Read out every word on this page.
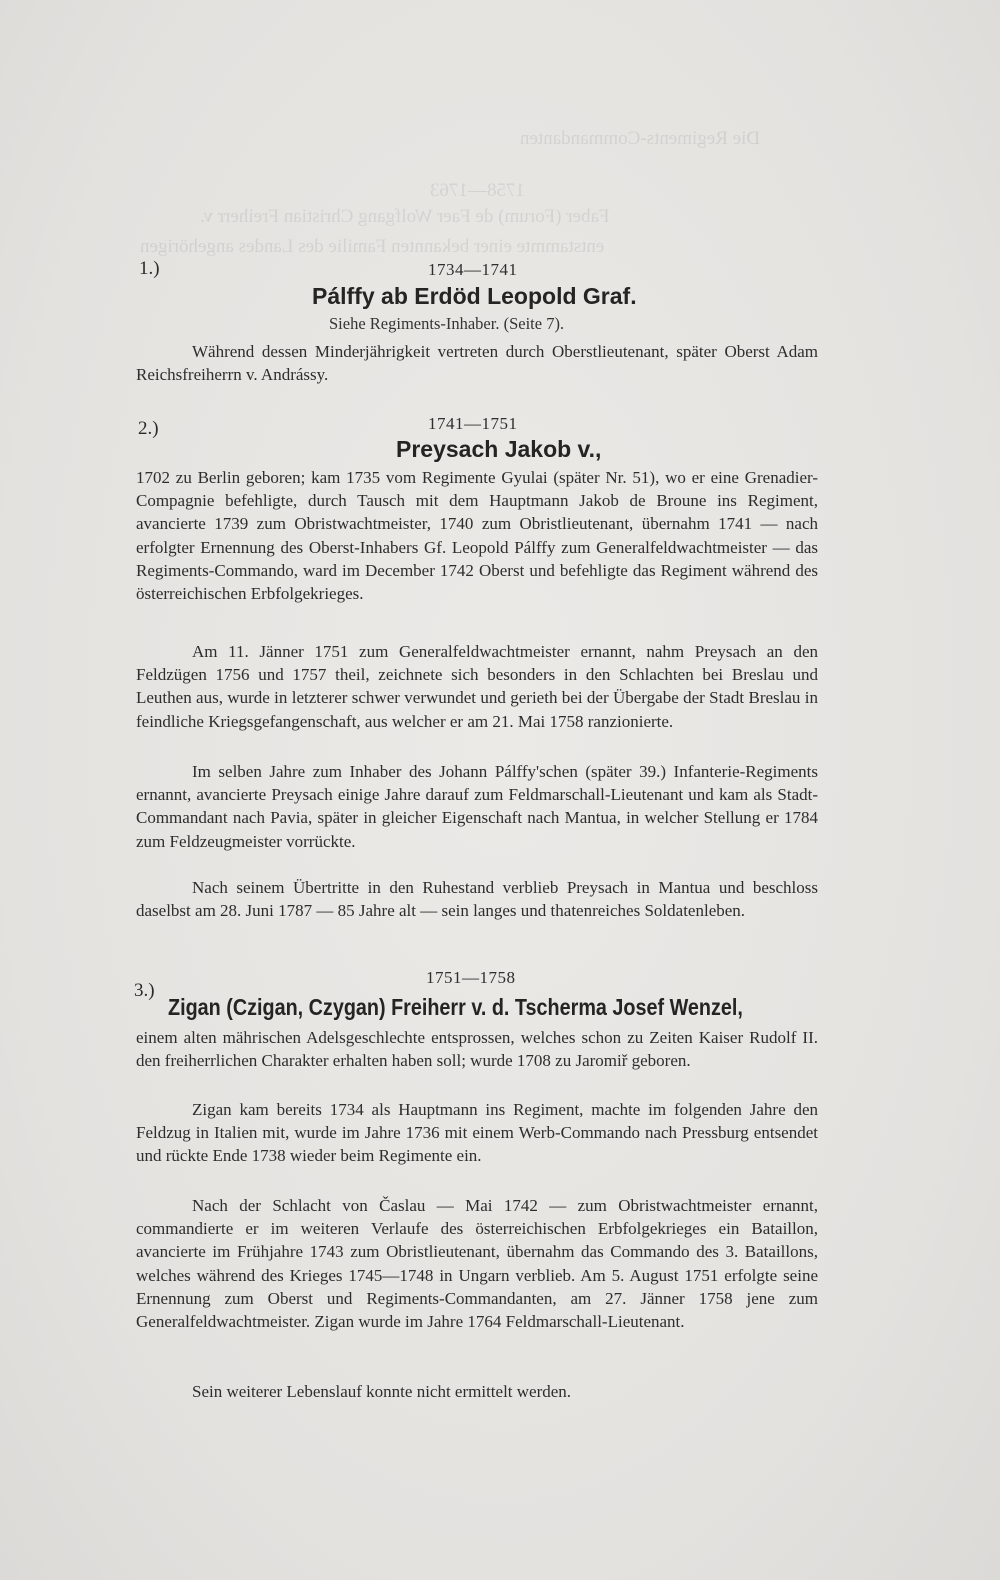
Die Regiments-Commandanten
1758—1763
Faber (Forum) de Faer Wolfgang Christian Freiherr v.
entstammte einer bekannten Familie des Landes angehörigen
1.)	1734—1741
Pálffy ab Erdöd Leopold Graf.
Siehe Regiments-Inhaber. (Seite 7).

Während dessen Minderjährigkeit vertreten durch Oberstlieutenant, später Oberst Adam Reichsfreiherrn v. Andrássy.

2.)	1741—1751
Preysach Jakob v.,

1702 zu Berlin geboren; kam 1735 vom Regimente Gyulai (später Nr. 51), wo er eine Grenadier-Compagnie befehligte, durch Tausch mit dem Hauptmann Jakob de Broune ins Regiment, avancierte 1739 zum Obristwachtmeister, 1740 zum Obristlieutenant, übernahm 1741 — nach erfolgter Ernennung des Oberst-Inhabers Gf. Leopold Pálffy zum Generalfeldwachtmeister — das Regiments-Commando, ward im December 1742 Oberst und befehligte das Regiment während des österreichischen Erbfolgekrieges.

Am 11. Jänner 1751 zum Generalfeldwachtmeister ernannt, nahm Preysach an den Feldzügen 1756 und 1757 theil, zeichnete sich besonders in den Schlachten bei Breslau und Leuthen aus, wurde in letzterer schwer verwundet und gerieth bei der Übergabe der Stadt Breslau in feindliche Kriegsgefangenschaft, aus welcher er am 21. Mai 1758 ranzionierte.

Im selben Jahre zum Inhaber des Johann Pálffy'schen (später 39.) Infanterie-Regiments ernannt, avancierte Preysach einige Jahre darauf zum Feldmarschall-Lieutenant und kam als Stadt-Commandant nach Pavia, später in gleicher Eigenschaft nach Mantua, in welcher Stellung er 1784 zum Feldzeugmeister vorrückte.

Nach seinem Übertritte in den Ruhestand verblieb Preysach in Mantua und beschloss daselbst am 28. Juni 1787 — 85 Jahre alt — sein langes und thatenreiches Soldatenleben.

3.)
1751—1758
Zigan (Czigan, Czygan) Freiherr v. d. Tscherma Josef Wenzel,

einem alten mährischen Adelsgeschlechte entsprossen, welches schon zu Zeiten Kaiser Rudolf II. den freiherrlichen Charakter erhalten haben soll; wurde 1708 zu Jaromiř geboren.

Zigan kam bereits 1734 als Hauptmann ins Regiment, machte im folgenden Jahre den Feldzug in Italien mit, wurde im Jahre 1736 mit einem Werb-Commando nach Pressburg entsendet und rückte Ende 1738 wieder beim Regimente ein.

Nach der Schlacht von Časlau — Mai 1742 — zum Obristwachtmeister ernannt, commandierte er im weiteren Verlaufe des österreichischen Erbfolgekrieges ein Bataillon, avancierte im Frühjahre 1743 zum Obristlieutenant, übernahm das Commando des 3. Bataillons, welches während des Krieges 1745—1748 in Ungarn verblieb. Am 5. August 1751 erfolgte seine Ernennung zum Oberst und Regiments-Commandanten, am 27. Jänner 1758 jene zum Generalfeldwachtmeister. Zigan wurde im Jahre 1764 Feldmarschall-Lieutenant.

Sein weiterer Lebenslauf konnte nicht ermittelt werden.
